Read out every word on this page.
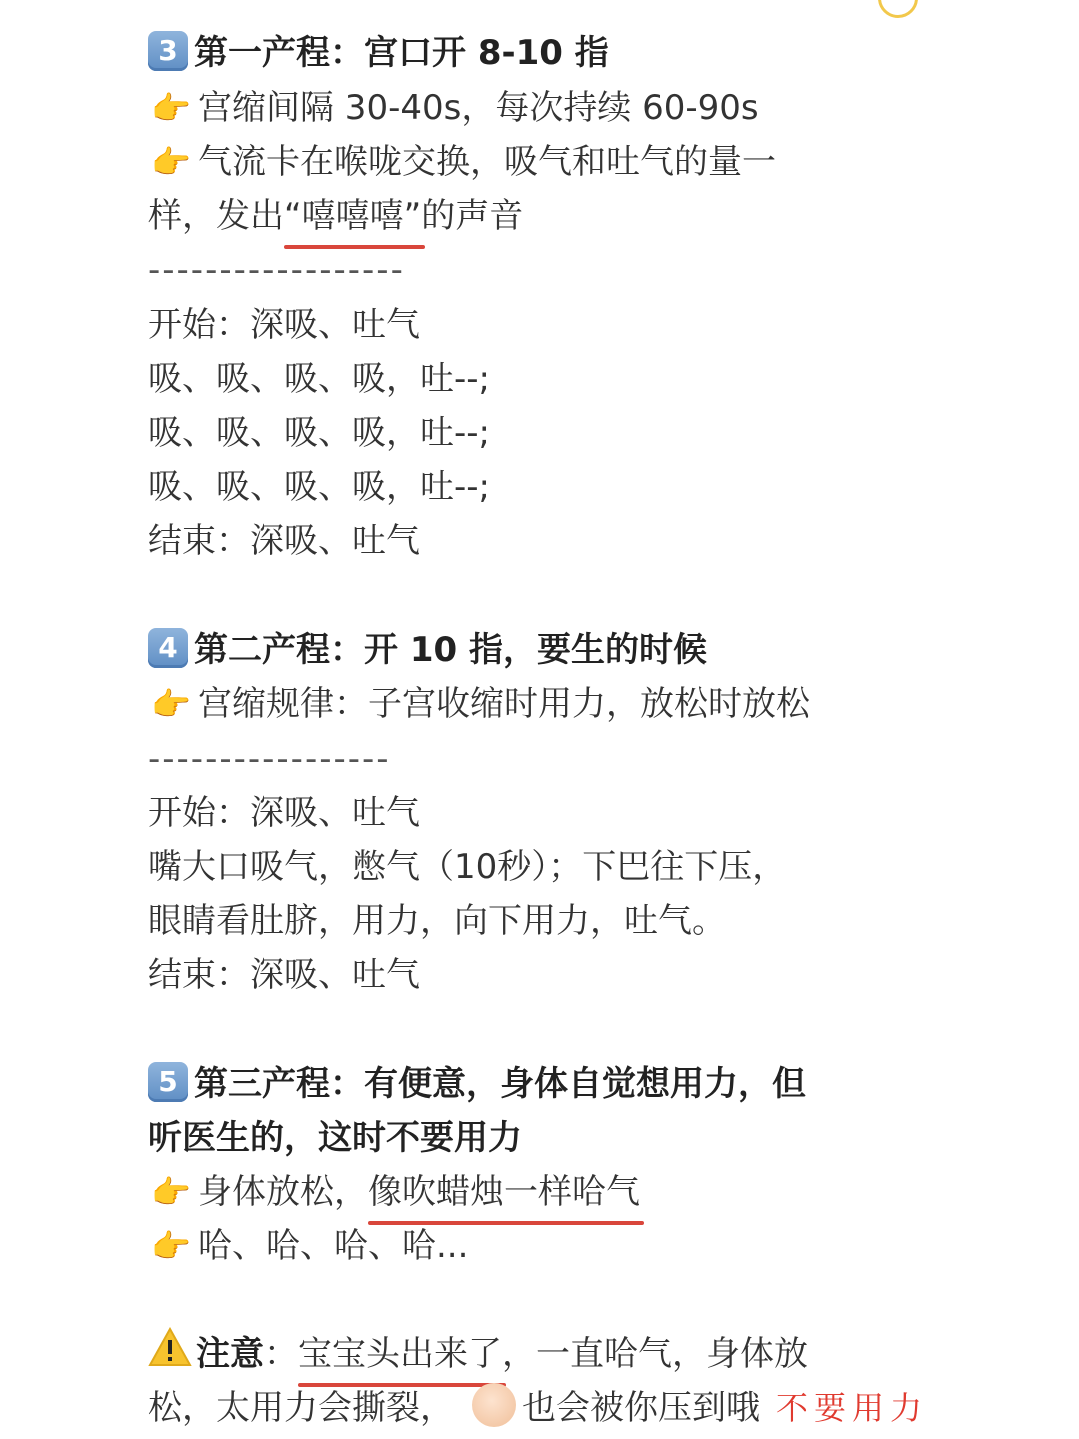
3 第一产程：宫口开 8-10 指
👉 宫缩间隔 30-40s，每次持续 60-90s
👉 气流卡在喉咙交换，吸气和吐气的量一
样，发出“嘻嘻嘻”的声音
------------------
开始：深吸、吐气
吸、吸、吸、吸，吐--;
吸、吸、吸、吸，吐--;
吸、吸、吸、吸，吐--;
结束：深吸、吐气
4 第二产程：开 10 指，要生的时候
👉 宫缩规律：子宫收缩时用力，放松时放松
-----------------
开始：深吸、吐气
嘴大口吸气，憋气（10秒）；下巴往下压，
眼睛看肚脐，用力，向下用力，吐气。
结束：深吸、吐气
5 第三产程：有便意，身体自觉想用力，但
听医生的，这时不要用力
👉 身体放松，像吹蜡烛一样哈气
👉 哈、哈、哈、哈...
注意：宝宝头出来了，一直哈气，身体放
松，太用力会撕裂， 也会被你压到哦 不要用力
